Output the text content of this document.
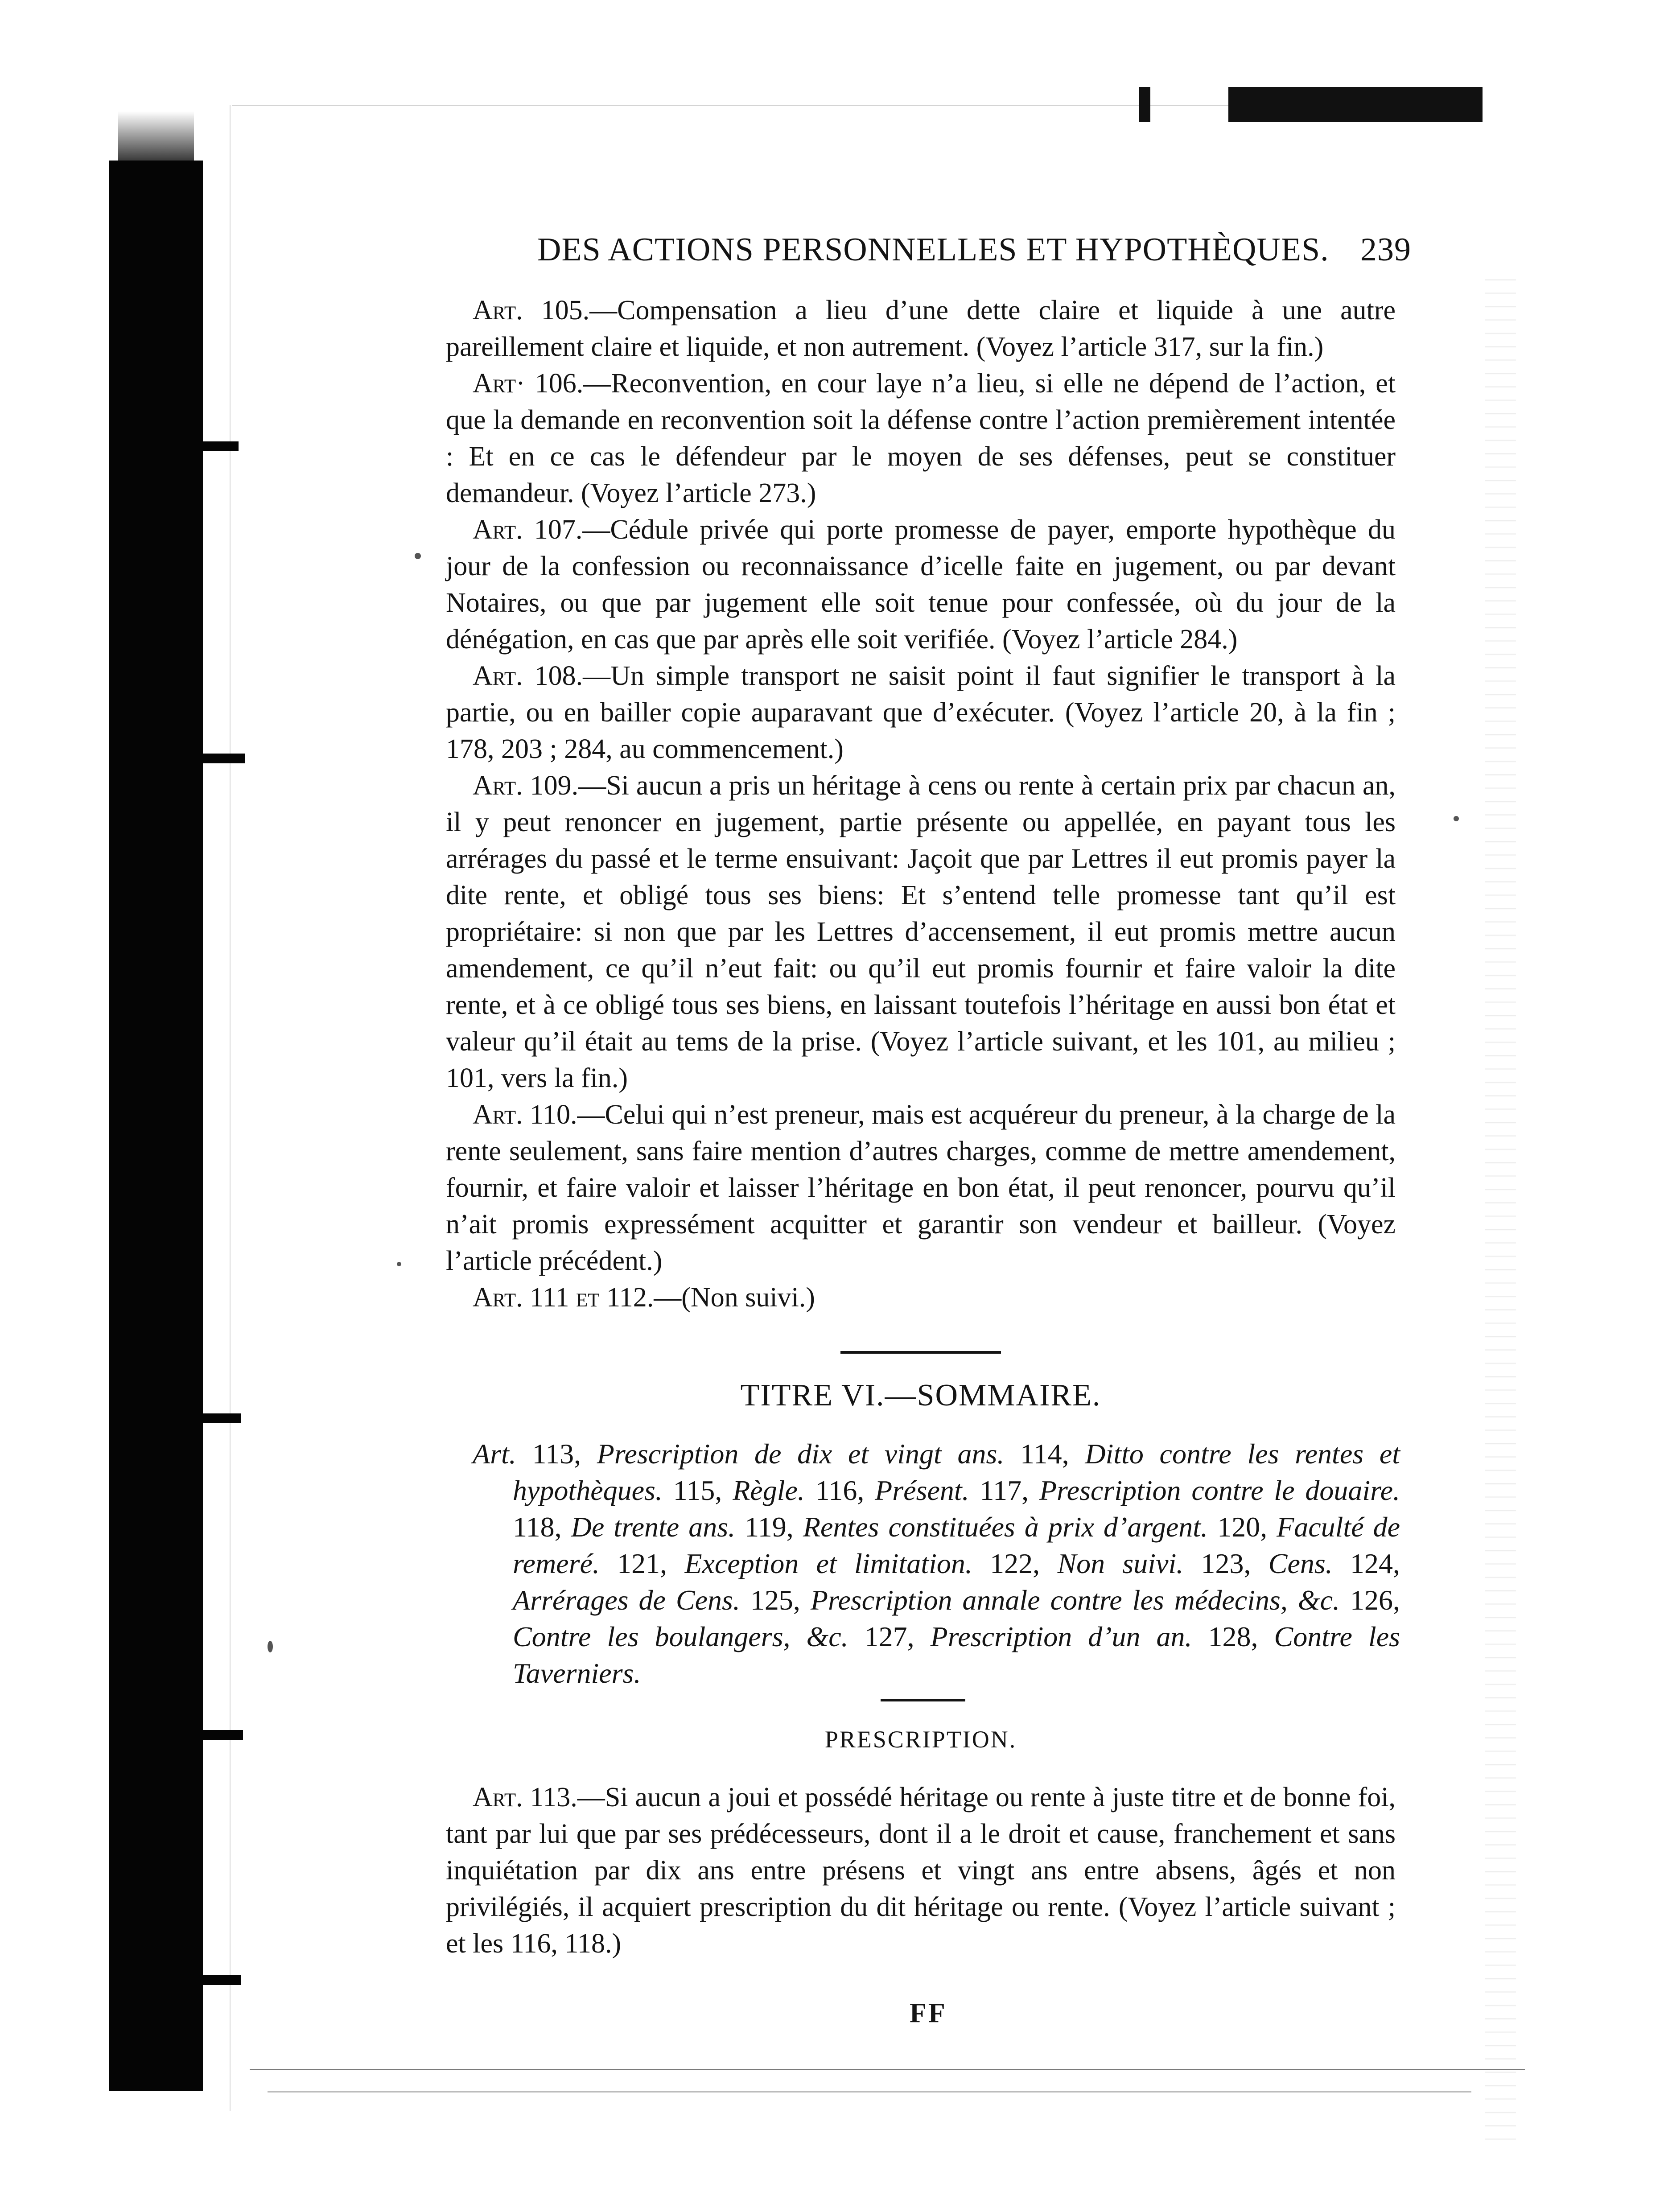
DES ACTIONS PERSONNELLES ET HYPOTHÈQUES. 239

Art. 105.—Compensation a lieu d’une dette claire et liquide à une autre pareillement claire et liquide, et non autrement. (Voyez l’article 317, sur la fin.)

Art· 106.—Reconvention, en cour laye n’a lieu, si elle ne dépend de l’action, et que la demande en reconvention soit la défense contre l’action premièrement intentée : Et en ce cas le défendeur par le moyen de ses défenses, peut se constituer demandeur. (Voyez l’article 273.)

Art. 107.—Cédule privée qui porte promesse de payer, emporte hypothèque du jour de la confession ou reconnaissance d’icelle faite en jugement, ou par devant Notaires, ou que par jugement elle soit tenue pour confessée, où du jour de la dénégation, en cas que par après elle soit verifiée. (Voyez l’article 284.)

Art. 108.—Un simple transport ne saisit point il faut signifier le transport à la partie, ou en bailler copie auparavant que d’exécuter. (Voyez l’article 20, à la fin ; 178, 203 ; 284, au commencement.)

Art. 109.—Si aucun a pris un héritage à cens ou rente à certain prix par chacun an, il y peut renoncer en jugement, partie présente ou appellée, en payant tous les arrérages du passé et le terme ensuivant: Jaçoit que par Lettres il eut promis payer la dite rente, et obligé tous ses biens: Et s’entend telle promesse tant qu’il est propriétaire: si non que par les Lettres d’accensement, il eut promis mettre aucun amendement, ce qu’il n’eut fait: ou qu’il eut promis fournir et faire valoir la dite rente, et à ce obligé tous ses biens, en laissant toutefois l’héritage en aussi bon état et valeur qu’il était au tems de la prise. (Voyez l’article suivant, et les 101, au milieu ; 101, vers la fin.)

Art. 110.—Celui qui n’est preneur, mais est acquéreur du preneur, à la charge de la rente seulement, sans faire mention d’autres charges, comme de mettre amendement, fournir, et faire valoir et laisser l’héritage en bon état, il peut renoncer, pourvu qu’il n’ait promis expressément acquitter et garantir son vendeur et bailleur. (Voyez l’article précédent.)

Art. 111 et 112.—(Non suivi.)

TITRE VI.—SOMMAIRE.
Art. 113, Prescription de dix et vingt ans. 114, Ditto contre les rentes et hypothèques. 115, Règle. 116, Présent. 117, Prescription contre le douaire. 118, De trente ans. 119, Rentes constituées à prix d’argent. 120, Faculté de remeré. 121, Exception et limitation. 122, Non suivi. 123, Cens. 124, Arrérages de Cens. 125, Prescription annale contre les médecins, &c. 126, Contre les boulangers, &c. 127, Prescription d’un an. 128, Contre les Taverniers.
PRESCRIPTION.

Art. 113.—Si aucun a joui et possédé héritage ou rente à juste titre et de bonne foi, tant par lui que par ses prédécesseurs, dont il a le droit et cause, franchement et sans inquiétation par dix ans entre présens et vingt ans entre absens, âgés et non privilégiés, il acquiert prescription du dit héritage ou rente. (Voyez l’article suivant ; et les 116, 118.)

FF
